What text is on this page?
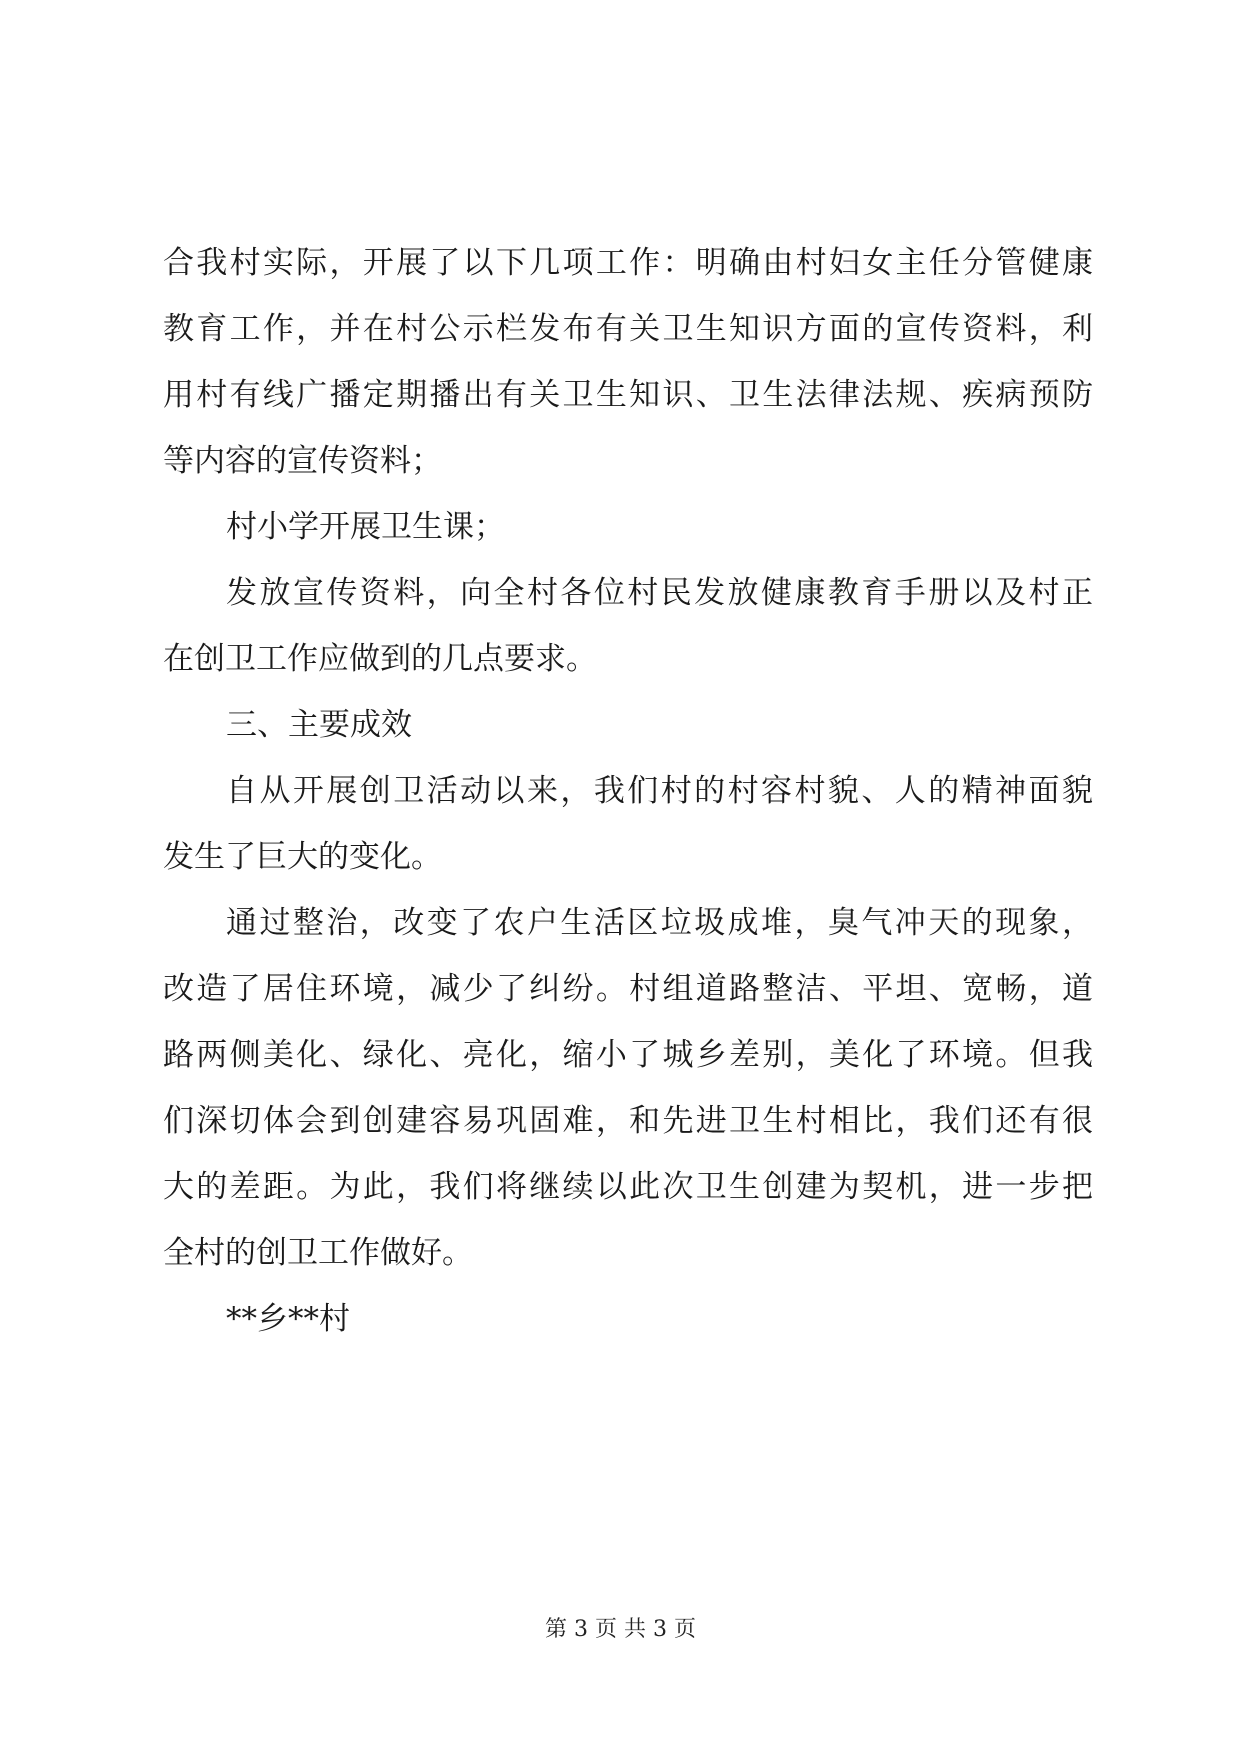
合我村实际，开展了以下几项工作：明确由村妇女主任分管健康
教育工作，并在村公示栏发布有关卫生知识方面的宣传资料，利
用村有线广播定期播出有关卫生知识、卫生法律法规、疾病预防
等内容的宣传资料；
村小学开展卫生课；
发放宣传资料，向全村各位村民发放健康教育手册以及村正
在创卫工作应做到的几点要求。
三、主要成效
自从开展创卫活动以来，我们村的村容村貌、人的精神面貌
发生了巨大的变化。
通过整治，改变了农户生活区垃圾成堆，臭气冲天的现象，
改造了居住环境，减少了纠纷。村组道路整洁、平坦、宽畅，道
路两侧美化、绿化、亮化，缩小了城乡差别，美化了环境。但我
们深切体会到创建容易巩固难，和先进卫生村相比，我们还有很
大的差距。为此，我们将继续以此次卫生创建为契机，进一步把
全村的创卫工作做好。
**乡**村
第 3 页 共 3 页
